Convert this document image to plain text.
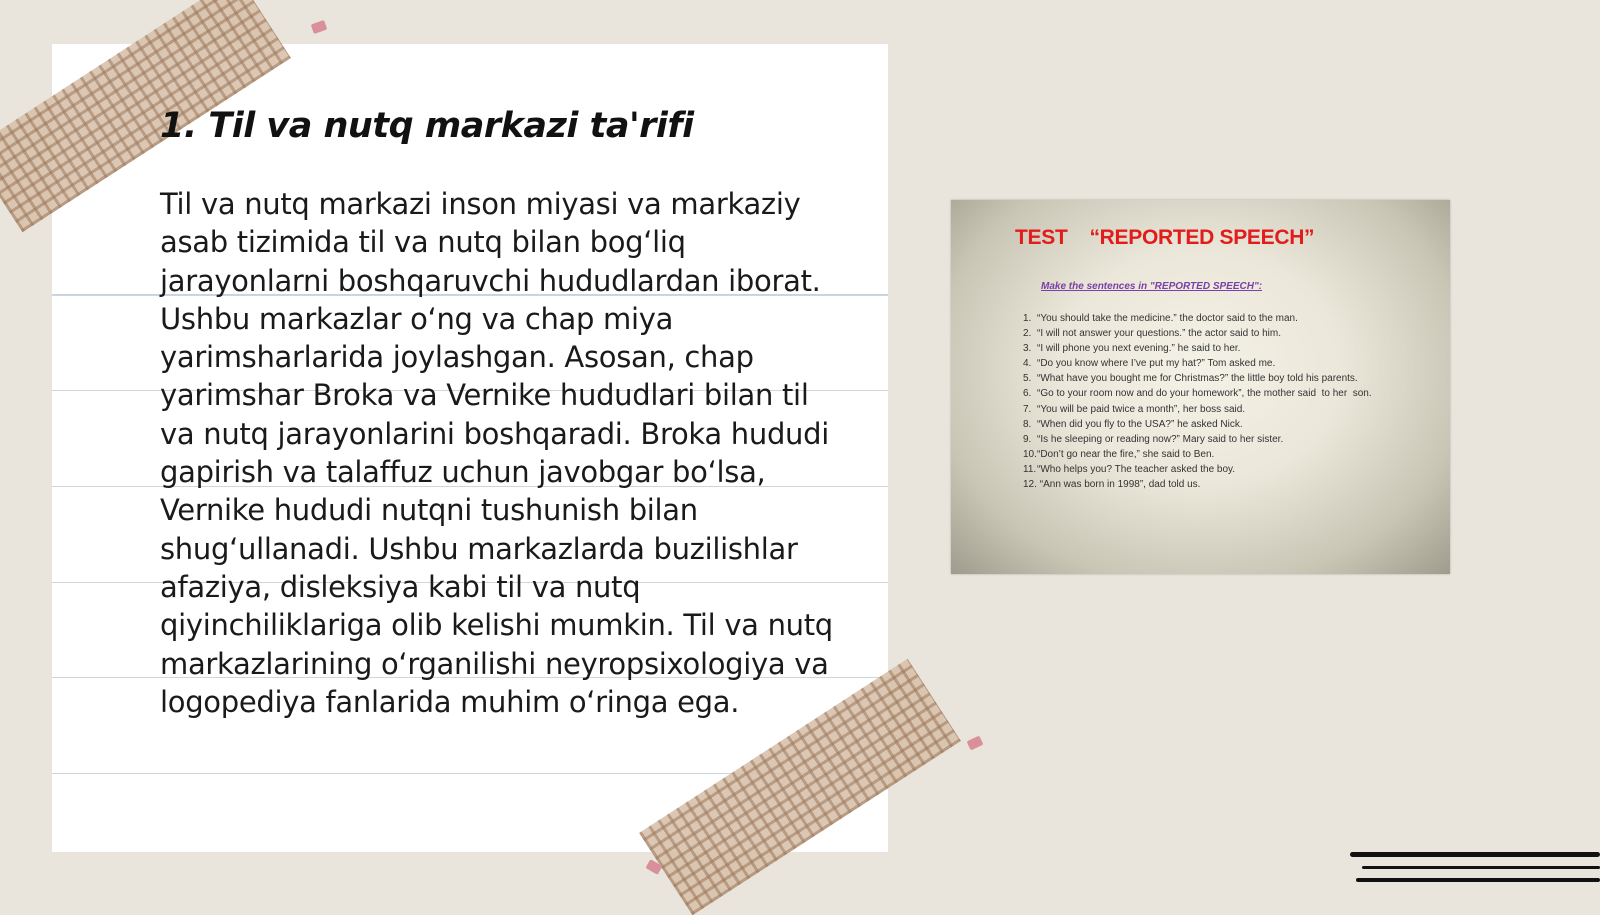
1. Til va nutq markazi ta'rifi

Til va nutq markazi inson miyasi va markaziy asab tizimida til va nutq bilan bog‘liq jarayonlarni boshqaruvchi hududlardan iborat. Ushbu markazlar o‘ng va chap miya yarimsharlarida joylashgan. Asosan, chap yarimshar Broka va Vernike hududlari bilan til va nutq jarayonlarini boshqaradi. Broka hududi gapirish va talaffuz uchun javobgar bo‘lsa, Vernike hududi nutqni tushunish bilan shug‘ullanadi. Ushbu markazlarda buzilishlar afaziya, disleksiya kabi til va nutq qiyinchiliklariga olib kelishi mumkin. Til va nutq markazlarining o‘rganilishi neyropsixologiya va logopediya fanlarida muhim o‘ringa ega.

TEST “REPORTED SPEECH”

Make the sentences in "REPORTED SPEECH":

1. “You should take the medicine.” the doctor said to the man.
2. “I will not answer your questions.” the actor said to him.
3. “I will phone you next evening.” he said to her.
4. “Do you know where I’ve put my hat?” Tom asked me.
5. “What have you bought me for Christmas?” the little boy told his parents.
6. “Go to your room now and do your homework”, the mother said  to her  son.
7. “You will be paid twice a month”, her boss said.
8. “When did you fly to the USA?” he asked Nick.
9. “Is he sleeping or reading now?” Mary said to her sister.
10. “Don’t go near the fire,” she said to Ben.
11. “Who helps you? The teacher asked the boy.
12. “Ann was born in 1998”, dad told us.
